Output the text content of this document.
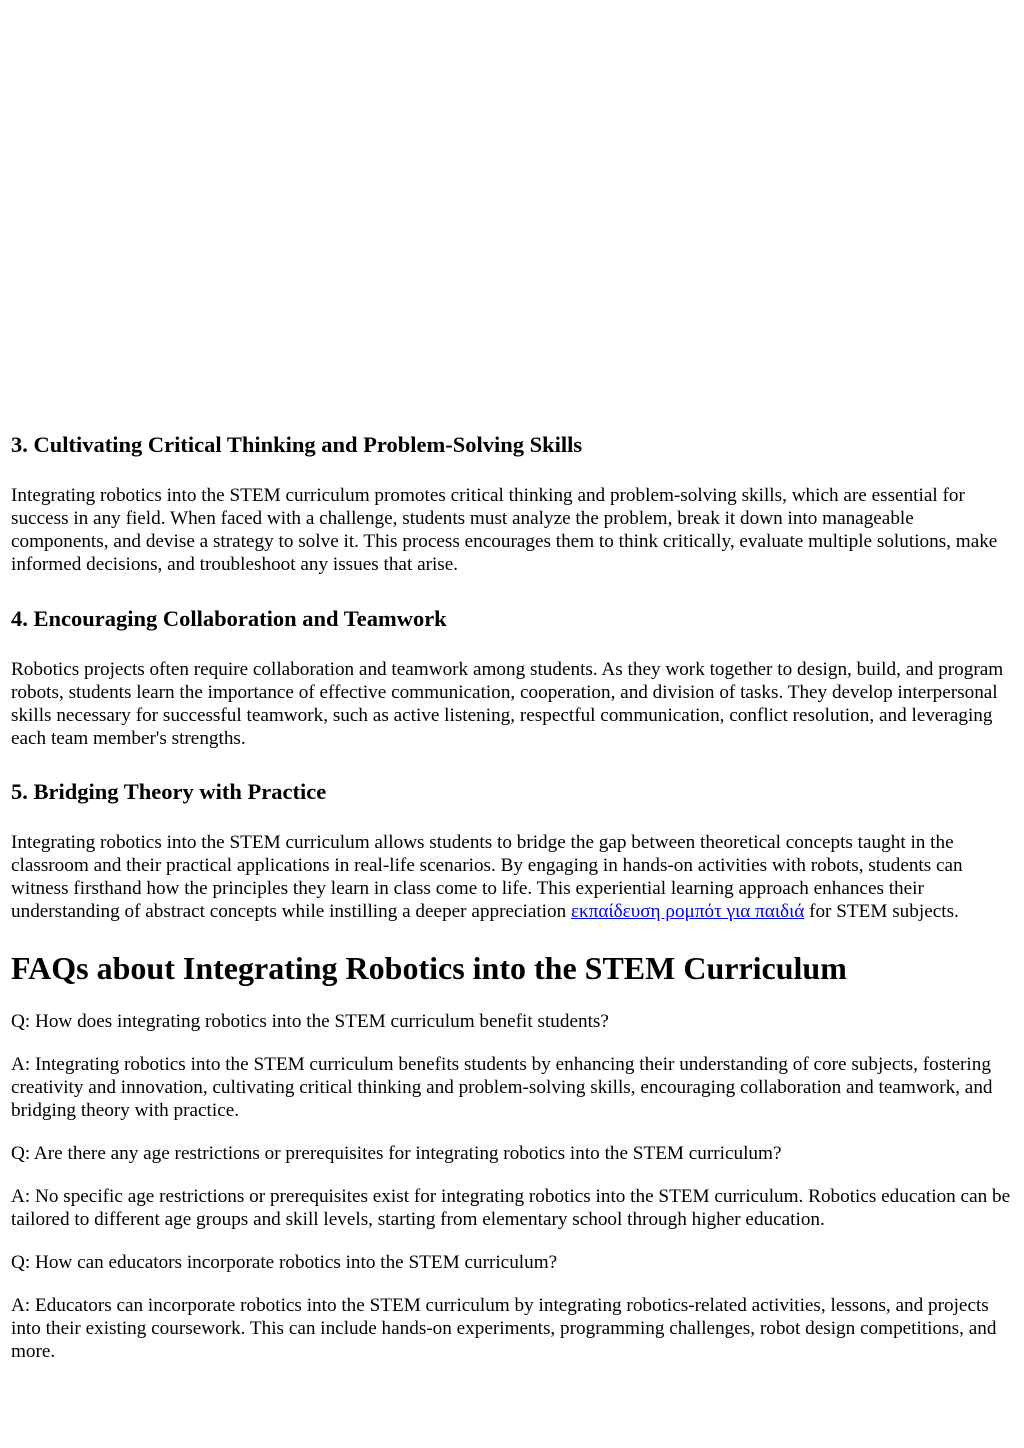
3. Cultivating Critical Thinking and Problem-Solving Skills

Integrating robotics into the STEM curriculum promotes critical thinking and problem-solving skills, which are essential for success in any field. When faced with a challenge, students must analyze the problem, break it down into manageable components, and devise a strategy to solve it. This process encourages them to think critically, evaluate multiple solutions, make informed decisions, and troubleshoot any issues that arise.

4. Encouraging Collaboration and Teamwork

Robotics projects often require collaboration and teamwork among students. As they work together to design, build, and program robots, students learn the importance of effective communication, cooperation, and division of tasks. They develop interpersonal skills necessary for successful teamwork, such as active listening, respectful communication, conflict resolution, and leveraging each team member's strengths.

5. Bridging Theory with Practice

Integrating robotics into the STEM curriculum allows students to bridge the gap between theoretical concepts taught in the classroom and their practical applications in real-life scenarios. By engaging in hands-on activities with robots, students can witness firsthand how the principles they learn in class come to life. This experiential learning approach enhances their understanding of abstract concepts while instilling a deeper appreciation εκπαίδευση ρομπότ για παιδιά for STEM subjects.

FAQs about Integrating Robotics into the STEM Curriculum

Q: How does integrating robotics into the STEM curriculum benefit students?

A: Integrating robotics into the STEM curriculum benefits students by enhancing their understanding of core subjects, fostering creativity and innovation, cultivating critical thinking and problem-solving skills, encouraging collaboration and teamwork, and bridging theory with practice.

Q: Are there any age restrictions or prerequisites for integrating robotics into the STEM curriculum?

A: No specific age restrictions or prerequisites exist for integrating robotics into the STEM curriculum. Robotics education can be tailored to different age groups and skill levels, starting from elementary school through higher education.

Q: How can educators incorporate robotics into the STEM curriculum?

A: Educators can incorporate robotics into the STEM curriculum by integrating robotics-related activities, lessons, and projects into their existing coursework. This can include hands-on experiments, programming challenges, robot design competitions, and more.
